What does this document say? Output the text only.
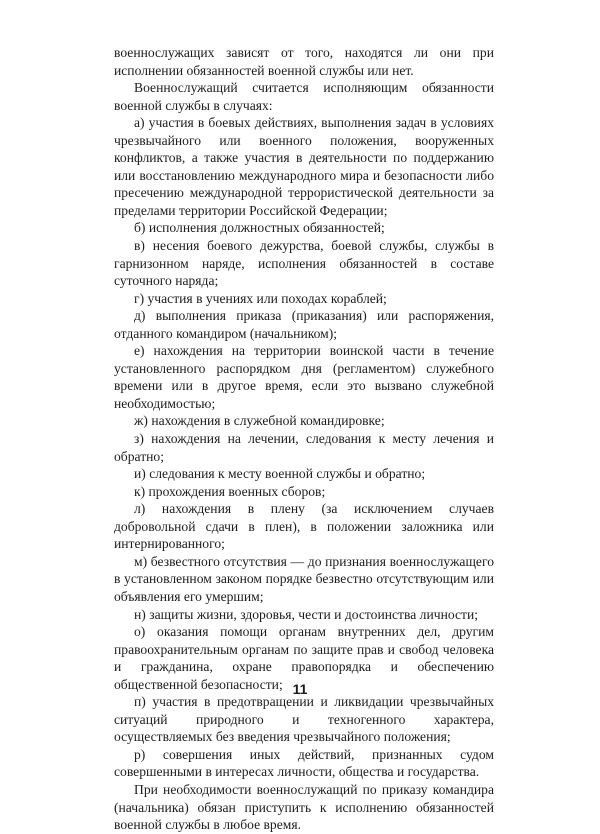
военнослужащих зависят от того, находятся ли они при исполнении обязанностей военной службы или нет.

Военнослужащий считается исполняющим обязанности военной службы в случаях:

а) участия в боевых действиях, выполнения задач в условиях чрезвычайного или военного положения, вооруженных конфликтов, а также участия в деятельности по поддержанию или восстановлению международного мира и безопасности либо пресечению международной террористической деятельности за пределами территории Российской Федерации;

б) исполнения должностных обязанностей;

в) несения боевого дежурства, боевой службы, службы в гарнизонном наряде, исполнения обязанностей в составе суточного наряда;

г) участия в учениях или походах кораблей;

д) выполнения приказа (приказания) или распоряжения, отданного командиром (начальником);

е) нахождения на территории воинской части в течение установленного распорядком дня (регламентом) служебного времени или в другое время, если это вызвано служебной необходимостью;

ж) нахождения в служебной командировке;

з) нахождения на лечении, следования к месту лечения и обратно;

и) следования к месту военной службы и обратно;

к) прохождения военных сборов;

л) нахождения в плену (за исключением случаев добровольной сдачи в плен), в положении заложника или интернированного;

м) безвестного отсутствия — до признания военнослужащего в установленном законом порядке безвестно отсутствующим или объявления его умершим;

н) защиты жизни, здоровья, чести и достоинства личности;

о) оказания помощи органам внутренних дел, другим правоохранительным органам по защите прав и свобод человека и гражданина, охране правопорядка и обеспечению общественной безопасности;

п) участия в предотвращении и ликвидации чрезвычайных ситуаций природного и техногенного характера, осуществляемых без введения чрезвычайного положения;

р) совершения иных действий, признанных судом совершенными в интересах личности, общества и государства.

При необходимости военнослужащий по приказу командира (начальника) обязан приступить к исполнению обязанностей военной службы в любое время.

11
